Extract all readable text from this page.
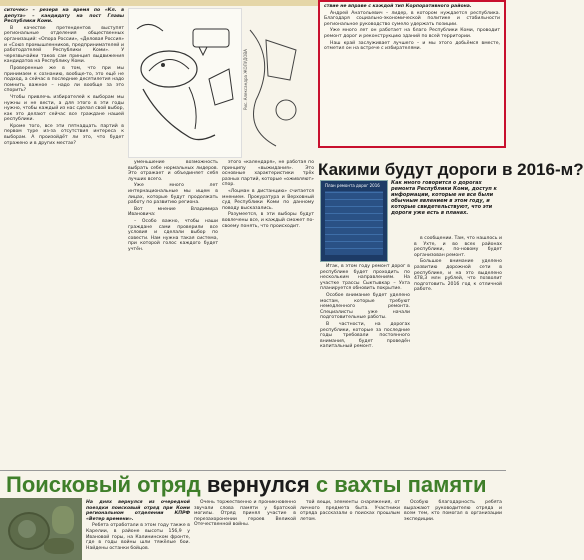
ситочек» – резерв на время по «Кл. в депута» – кандидату на пост Главы Республики Коми.

В качестве претендентов выступят региональные отделения общественных организаций: «Опора России», «Деловая Россия» и «Союз промышленников, предпринимателей и работодателей Республики Коми». У черезвычайки таков сам принцип выдвижения кандидатов на Республику Коми.

Проверенные же в том, что при мы принимаем к сознанию, вообще-то, это ещё не подход, а сейчас в последние десятилетия надо помнить важное – надо ли вообще за это спорить?

Чтобы привлечь избирателей к выборам мы нужны и не вести, а для этого в эти годы нужно, чтобы каждый из нас сделал свой выбор, как это делают сейчас все граждане нашей республики.

Кроме того, все эти пятнадцать партий в первом туре из-за отсутствия интереса к выборам. А произойдёт ли это, что будет отражено и в других местах?

Рис. Александра ЖОЛУДОВА

ствие не вправе с каждой тип Корпоративного района.

Андрей Анатольевич – лидер, в котором нуждается республика. Благодаря социально-экономической политике и стабильности региональное руководство сумело удержать позиции.

Уже много лет он работает на благо Республики Коми, проводит ремонт дорог и реконструкцию зданий по всей территории.

Наш край заслуживает лучшего – и мы этого добьёмся вместе, отметил он на встрече с избирателями.

уменьшение возможность выбрать себе нормальных лидеров. Это отражает и объединяет себя лучших всего.

Уже много лет интернациональные мы ищем в лицах, которые будут продолжать работу по развитию региона.

Вот мнение Владимира Ивановича:

– Особо важно, чтобы наши граждане сами проверили все условия и сделали выбор по совести. Нам нужна такая система, при которой голос каждого будет учтён.

этого «календаря», не работая по принципу «выжидания». Это основные характеристики трёх разных партий, которые «оживляют» спор.

«Лоцман в дистанцию» считается мнением. Прокуратура и Верховный суд Республики Коми по данному поводу высказались.

Разумеется, в эти выборы будут вовлечены все, и каждый сможет по-своему понять, что происходит.

Какими будут дороги в 2016-м?
План ремонта дорог 2016 Как много говорится о дорогах ремонта Республики Коми, доступ к информации, которые не все были обычным явлением в этом году, и которые свидетельствуют, что эти дороги уже есть в планах.

Итак, в этом году ремонт дорог в республике будет проходить по нескольким направлениям. На участке трассы Сыктывкар – Ухта планируется обновить покрытие.

Особое внимание будет уделено мостам, которые требуют немедленного ремонта. Специалисты уже начали подготовительные работы.

В частности, на дорогах республики, которые за последние годы требовали постоянного внимания, будет проведён капитальный ремонт.

в сообщении. Там, что нашлось и в Ухте, и во всех районах республики, по-новому будет организован ремонт.

Большое внимание уделено развитию дорожной сети в республике, и на это выделено 478,3 млн рублей, что позволит подготовить 2016 год к отличной работе.

Поисковый отряд вернулся с вахты памяти

На днях вернулся из очередной поездки поисковый отряд при Коми региональном отделении КПРФ «Ветер времени».

Ребята отработали в этом году также в Карелии, в районе высоты 156,9 у Ивановой горы, на Калининском фронте, где в годы войны шли тяжёлые бои. Найдены останки бойцов.

Очень торжественно и проникновенно звучали слова памяти у братской могилы. Отряд принял участие в перезахоронении героев Великой Отечественной войны.

той вещи, элементы снаряжения, от личного предмета быта. Участники отряда рассказали о поисках прошлым летом.

Особую благодарность ребята выражают руководителю отряда и всем тем, кто помогал в организации экспедиции.
